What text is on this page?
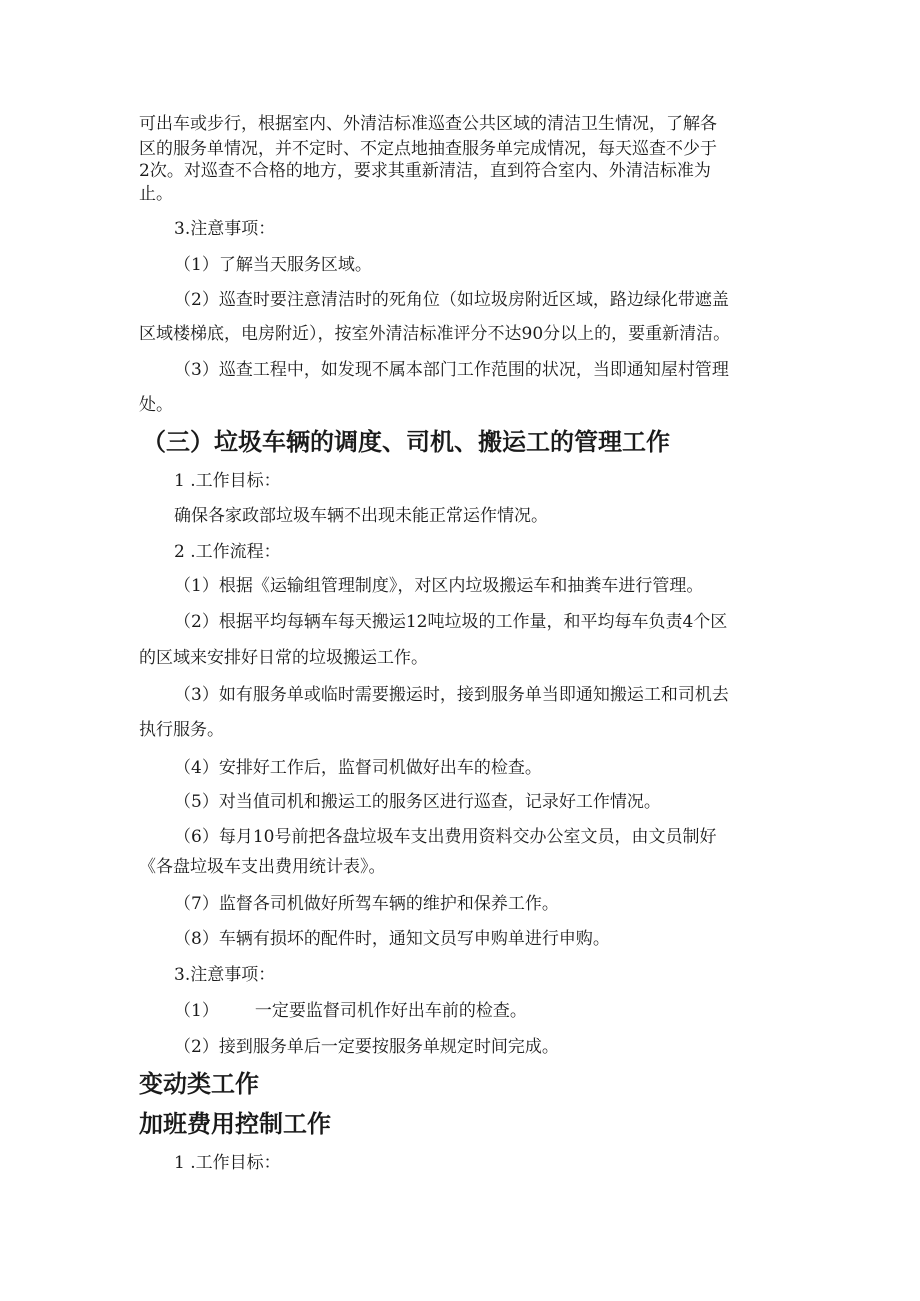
可出车或步行，根据室内、外清洁标准巡查公共区域的清洁卫生情况，了解各

区的服务单情况，并不定时、不定点地抽查服务单完成情况，每天巡查不少于

2次。对巡查不合格的地方，要求其重新清洁，直到符合室内、外清洁标准为

止。

3.注意事项：

（1）了解当天服务区域。

（2）巡查时要注意清洁时的死角位（如垃圾房附近区域，路边绿化带遮盖

区域楼梯底，电房附近），按室外清洁标准评分不达90分以上的，要重新清洁。

（3）巡查工程中，如发现不属本部门工作范围的状况，当即通知屋村管理

处。

（三）垃圾车辆的调度、司机、搬运工的管理工作

1 .工作目标：

确保各家政部垃圾车辆不出现未能正常运作情况。

2 .工作流程：

（1）根据《运输组管理制度》，对区内垃圾搬运车和抽粪车进行管理。

（2）根据平均每辆车每天搬运12吨垃圾的工作量，和平均每车负责4个区

的区域来安排好日常的垃圾搬运工作。

（3）如有服务单或临时需要搬运时，接到服务单当即通知搬运工和司机去

执行服务。

（4）安排好工作后，监督司机做好出车的检查。

（5）对当值司机和搬运工的服务区进行巡查，记录好工作情况。

（6）每月10号前把各盘垃圾车支出费用资料交办公室文员，由文员制好

《各盘垃圾车支出费用统计表》。

（7）监督各司机做好所驾车辆的维护和保养工作。

（8）车辆有损坏的配件时，通知文员写申购单进行申购。

3.注意事项：

（1） 一定要监督司机作好出车前的检查。

（2）接到服务单后一定要按服务单规定时间完成。

变动类工作
加班费用控制工作

1 .工作目标：
